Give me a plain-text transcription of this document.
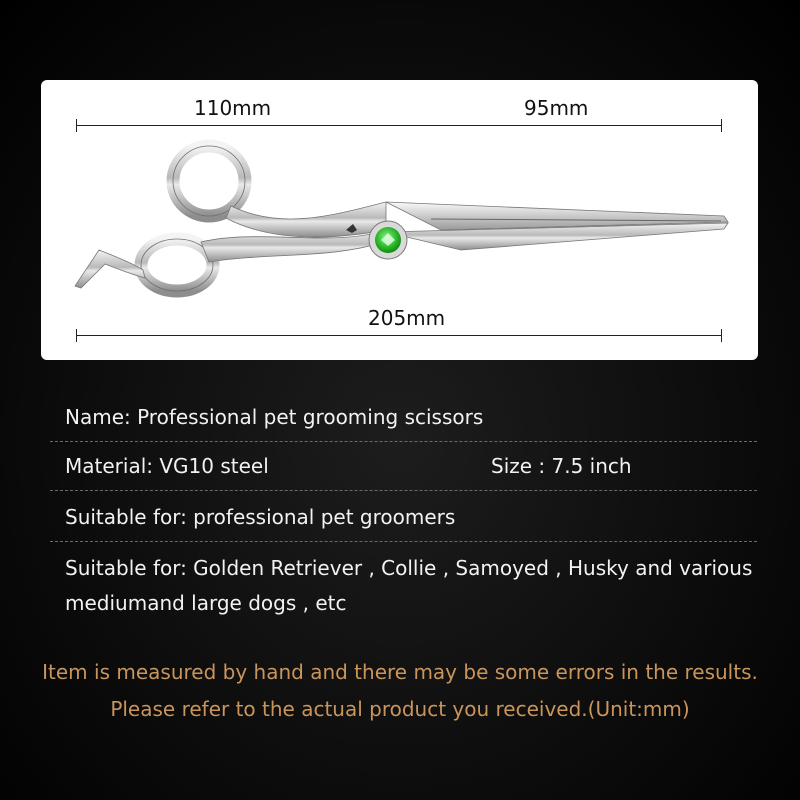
110mm	95mm
205mm
Name: Professional pet grooming scissors
Material: VG10 steel	Size : 7.5 inch
Suitable for: professional pet groomers
Suitable for: Golden Retriever , Collie , Samoyed , Husky and various
mediumand large dogs , etc
Item is measured by hand and there may be some errors in the results.
Please refer to the actual product you received.(Unit:mm)
